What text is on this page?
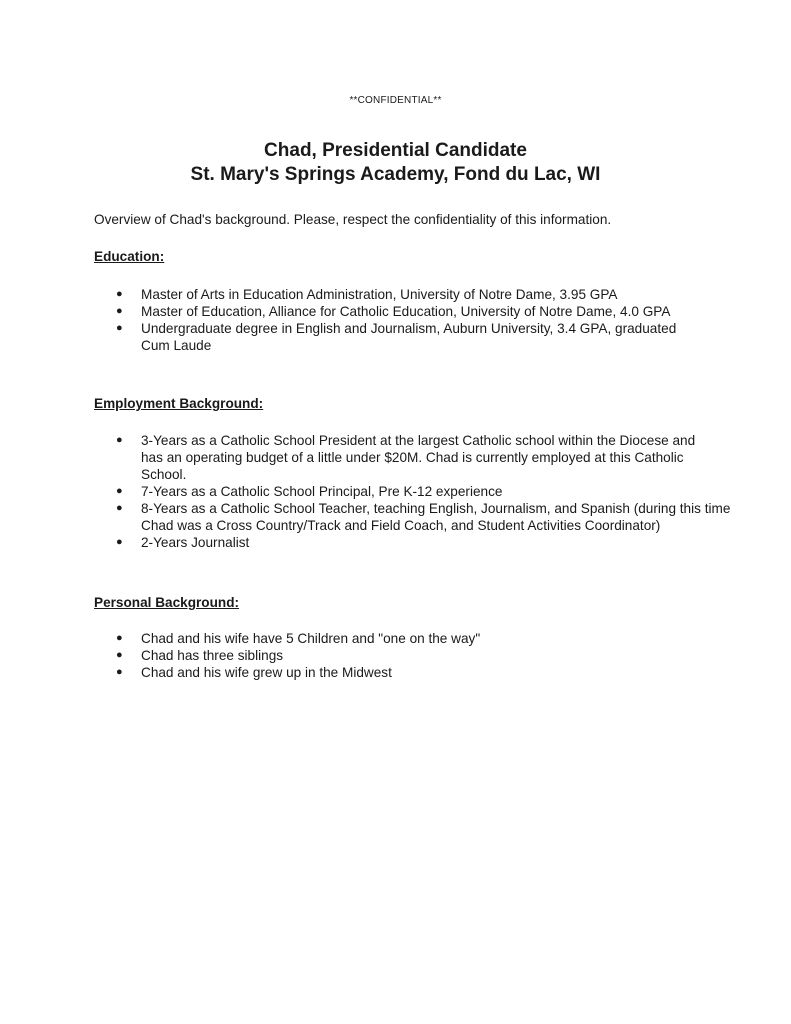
**CONFIDENTIAL**
Chad, Presidential Candidate
St. Mary's Springs Academy, Fond du Lac, WI
Overview of Chad's background. Please, respect the confidentiality of this information.
Education:
● Master of Arts in Education Administration, University of Notre Dame, 3.95 GPA
● Master of Education, Alliance for Catholic Education, University of Notre Dame, 4.0 GPA
● Undergraduate degree in English and Journalism, Auburn University, 3.4 GPA, graduated Cum Laude
Employment Background:
● 3-Years as a Catholic School President at the largest Catholic school within the Diocese and has an operating budget of a little under $20M. Chad is currently employed at this Catholic School.
● 7-Years as a Catholic School Principal, Pre K-12 experience
● 8-Years as a Catholic School Teacher, teaching English, Journalism, and Spanish (during this time Chad was a Cross Country/Track and Field Coach, and Student Activities Coordinator)
● 2-Years Journalist
Personal Background:
● Chad and his wife have 5 Children and "one on the way"
● Chad has three siblings
● Chad and his wife grew up in the Midwest
